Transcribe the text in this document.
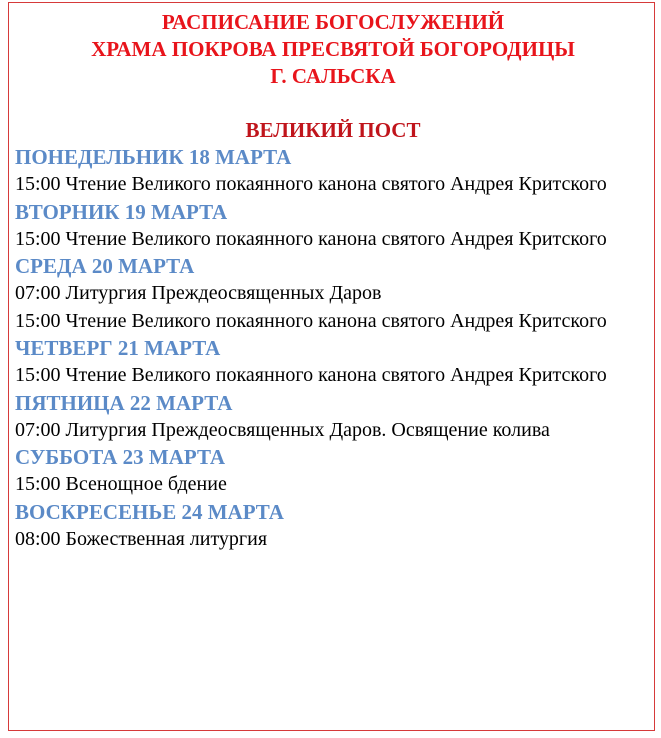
РАСПИСАНИЕ БОГОСЛУЖЕНИЙ
ХРАМА ПОКРОВА ПРЕСВЯТОЙ БОГОРОДИЦЫ
Г. САЛЬСКА
ВЕЛИКИЙ ПОСТ
ПОНЕДЕЛЬНИК 18 МАРТА
15:00 Чтение Великого покаянного канона святого Андрея Критского
ВТОРНИК 19 МАРТА
15:00 Чтение Великого покаянного канона святого Андрея Критского
СРЕДА 20 МАРТА
07:00 Литургия Преждеосвященных Даров
15:00 Чтение Великого покаянного канона святого Андрея Критского
ЧЕТВЕРГ 21 МАРТА
15:00 Чтение Великого покаянного канона святого Андрея Критского
ПЯТНИЦА 22 МАРТА
07:00 Литургия Преждеосвященных Даров. Освящение колива
СУББОТА 23 МАРТА
15:00 Всенощное бдение
ВОСКРЕСЕНЬЕ 24 МАРТА
08:00 Божественная литургия
